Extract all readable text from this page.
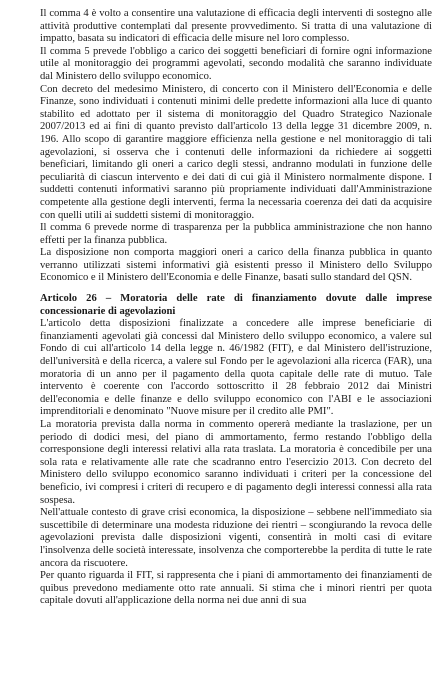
Il comma 4 è volto a consentire una valutazione di efficacia degli interventi di sostegno alle attività produttive contemplati dal presente provvedimento. Si tratta di una valutazione di impatto, basata su indicatori di efficacia delle misure nel loro complesso.

Il comma 5 prevede l'obbligo a carico dei soggetti beneficiari di fornire ogni informazione utile al monitoraggio dei programmi agevolati, secondo modalità che saranno individuate dal Ministero dello sviluppo economico.

Con decreto del medesimo Ministero, di concerto con il Ministero dell'Economia e delle Finanze, sono individuati i contenuti minimi delle predette informazioni alla luce di quanto stabilito ed adottato per il sistema di monitoraggio del Quadro Strategico Nazionale 2007/2013 ed ai fini di quanto previsto dall'articolo 13 della legge 31 dicembre 2009, n. 196. Allo scopo di garantire maggiore efficienza nella gestione e nel monitoraggio di tali agevolazioni, si osserva che i contenuti delle informazioni da richiedere ai soggetti beneficiari, limitando gli oneri a carico degli stessi, andranno modulati in funzione delle peculiarità di ciascun intervento e dei dati di cui già il Ministero normalmente dispone. I suddetti contenuti informativi saranno più propriamente individuati dall'Amministrazione competente alla gestione degli interventi, ferma la necessaria coerenza dei dati da acquisire con quelli utili ai suddetti sistemi di monitoraggio.

Il comma 6 prevede norme di trasparenza per la pubblica amministrazione che non hanno effetti per la finanza pubblica.

La disposizione non comporta maggiori oneri a carico della finanza pubblica in quanto verranno utilizzati sistemi informativi già esistenti presso il Ministero dello Sviluppo Economico e il Ministero dell'Economia e delle Finanze, basati sullo standard del QSN.

Articolo 26 – Moratoria delle rate di finanziamento dovute dalle imprese concessionarie di agevolazioni

L'articolo detta disposizioni finalizzate a concedere alle imprese beneficiarie di finanziamenti agevolati già concessi dal Ministero dello sviluppo economico, a valere sul Fondo di cui all'articolo 14 della legge n. 46/1982 (FIT), e dal Ministero dell'istruzione, dell'università e della ricerca, a valere sul Fondo per le agevolazioni alla ricerca (FAR), una moratoria di un anno per il pagamento della quota capitale delle rate di mutuo. Tale intervento è coerente con l'accordo sottoscritto il 28 febbraio 2012 dai Ministri dell'economia e delle finanze e dello sviluppo economico con l'ABI e le associazioni imprenditoriali e denominato "Nuove misure per il credito alle PMI".

La moratoria prevista dalla norma in commento opererà mediante la traslazione, per un periodo di dodici mesi, del piano di ammortamento, fermo restando l'obbligo della corresponsione degli interessi relativi alla rata traslata. La moratoria è concedibile per una sola rata e relativamente alle rate che scadranno entro l'esercizio 2013. Con decreto del Ministero dello sviluppo economico saranno individuati i criteri per la concessione del beneficio, ivi compresi i criteri di recupero e di pagamento degli interessi connessi alla rata sospesa.

Nell'attuale contesto di grave crisi economica, la disposizione – sebbene nell'immediato sia suscettibile di determinare una modesta riduzione dei rientri – scongiurando la revoca delle agevolazioni prevista dalle disposizioni vigenti, consentirà in molti casi di evitare l'insolvenza delle società interessate, insolvenza che comporterebbe la perdita di tutte le rate ancora da riscuotere.

Per quanto riguarda il FIT, si rappresenta che i piani di ammortamento dei finanziamenti de quibus prevedono mediamente otto rate annuali. Si stima che i minori rientri per quota capitale dovuti all'applicazione della norma nei due anni di sua
